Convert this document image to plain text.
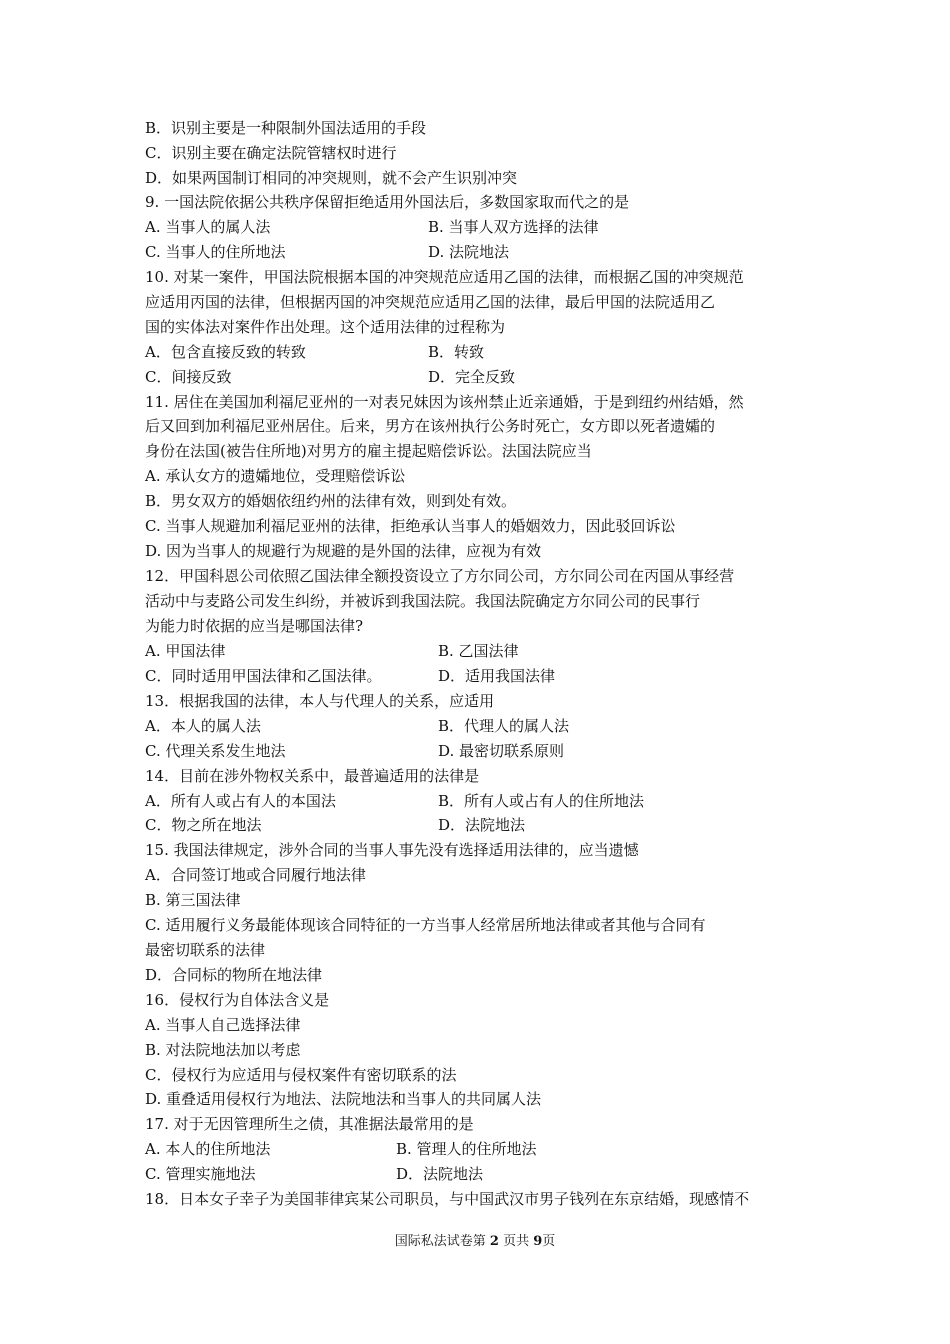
B．识别主要是一种限制外国法适用的手段
C．识别主要在确定法院管辖权时进行
D．如果两国制订相同的冲突规则，就不会产生识别冲突
9. 一国法院依据公共秩序保留拒绝适用外国法后，多数国家取而代之的是
A. 当事人的属人法	B. 当事人双方选择的法律
C. 当事人的住所地法	D. 法院地法
10. 对某一案件，甲国法院根据本国的冲突规范应适用乙国的法律，而根据乙国的冲突规范
应适用丙国的法律，但根据丙国的冲突规范应适用乙国的法律，最后甲国的法院适用乙
国的实体法对案件作出处理。这个适用法律的过程称为
A．包含直接反致的转致	B．转致
C．间接反致	D．完全反致
11. 居住在美国加利福尼亚州的一对表兄妹因为该州禁止近亲通婚，于是到纽约州结婚，然
后又回到加利福尼亚州居住。后来，男方在该州执行公务时死亡，女方即以死者遗孀的
身份在法国(被告住所地)对男方的雇主提起赔偿诉讼。法国法院应当
A. 承认女方的遗孀地位，受理赔偿诉讼
B．男女双方的婚姻依纽约州的法律有效，则到处有效。
C. 当事人规避加利福尼亚州的法律，拒绝承认当事人的婚姻效力，因此驳回诉讼
D. 因为当事人的规避行为规避的是外国的法律，应视为有效
12．甲国科恩公司依照乙国法律全额投资设立了方尔同公司，方尔同公司在丙国从事经营
活动中与麦路公司发生纠纷，并被诉到我国法院。我国法院确定方尔同公司的民事行
为能力时依据的应当是哪国法律?
A. 甲国法律	B. 乙国法律
C．同时适用甲国法律和乙国法律。	D．适用我国法律
13．根据我国的法律，本人与代理人的关系，应适用
A．本人的属人法	B．代理人的属人法
C. 代理关系发生地法	D. 最密切联系原则
14．目前在涉外物权关系中，最普遍适用的法律是
A．所有人或占有人的本国法	B．所有人或占有人的住所地法
C．物之所在地法	D．法院地法
15. 我国法律规定，涉外合同的当事人事先没有选择适用法律的，应当遗憾
A．合同签订地或合同履行地法律
B. 第三国法律
C. 适用履行义务最能体现该合同特征的一方当事人经常居所地法律或者其他与合同有
最密切联系的法律
D．合同标的物所在地法律
16．侵权行为自体法含义是
A. 当事人自己选择法律
B. 对法院地法加以考虑
C．侵权行为应适用与侵权案件有密切联系的法
D. 重叠适用侵权行为地法、法院地法和当事人的共同属人法
17. 对于无因管理所生之债，其准据法最常用的是
A. 本人的住所地法	B. 管理人的住所地法
C. 管理实施地法	D．法院地法
18．日本女子幸子为美国菲律宾某公司职员，与中国武汉市男子钱列在东京结婚，现感情不
国际私法试卷第 2 页共 9页
